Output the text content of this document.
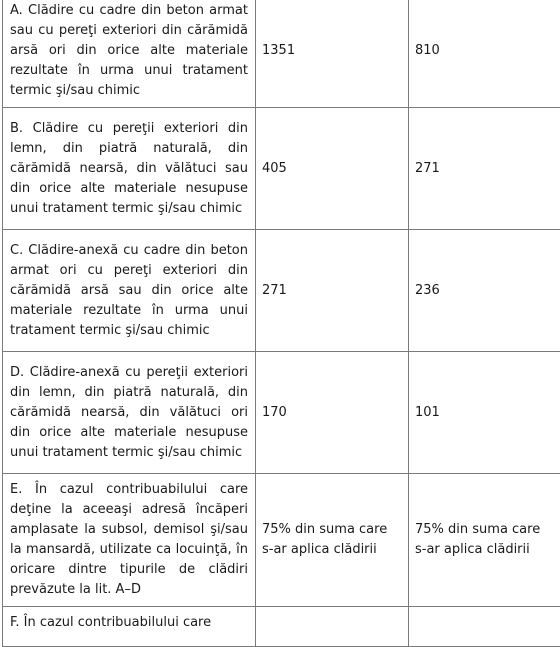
A. Clădire cu cadre din beton armat sau cu pereţi exteriori din cărămidă arsă ori din orice alte materiale rezultate în urma unui tratament termic şi/sau chimic	1351	810
B. Clădire cu pereţii exteriori din lemn, din piatră naturală, din cărămidă nearsă, din vălătuci sau din orice alte materiale nesupuse unui tratament termic şi/sau chimic	405	271
C. Clădire-anexă cu cadre din beton armat ori cu pereţi exteriori din cărămidă arsă sau din orice alte materiale rezultate în urma unui tratament termic şi/sau chimic	271	236
D. Clădire-anexă cu pereţii exteriori din lemn, din piatră naturală, din cărămidă nearsă, din vălătuci ori din orice alte materiale nesupuse unui tratament termic şi/sau chimic	170	101
E. În cazul contribuabilului care deţine la aceeaşi adresă încăperi amplasate la subsol, demisol şi/sau la mansardă, utilizate ca locuinţă, în oricare dintre tipurile de clădiri prevăzute la lit. A–D	75% din suma care s-ar aplica clădirii	75% din suma care s-ar aplica clădirii
F. În cazul contribuabilului care		
